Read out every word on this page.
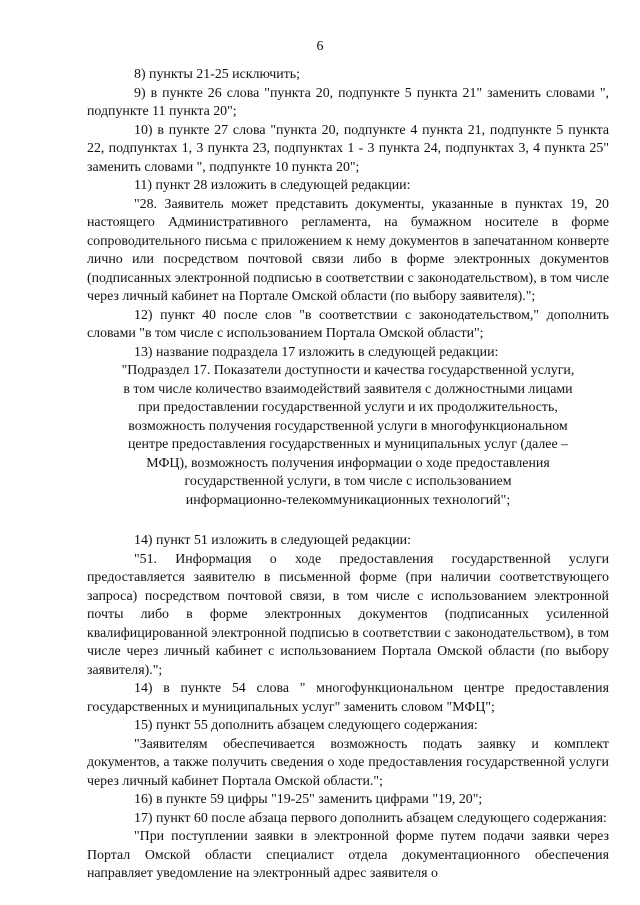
6

8) пункты 21-25 исключить;

9) в пункте 26 слова "пункта 20, подпункте 5 пункта 21" заменить словами ", подпункте 11 пункта 20";

10) в пункте 27 слова "пункта 20, подпункте 4 пункта 21, подпункте 5 пункта 22, подпунктах 1, 3 пункта 23, подпунктах 1 - 3 пункта 24, подпунктах 3, 4 пункта 25" заменить словами ", подпункте 10 пункта 20";

11) пункт 28 изложить в следующей редакции:

"28. Заявитель может представить документы, указанные в пунктах 19, 20 настоящего Административного регламента, на бумажном носителе в форме сопроводительного письма с приложением к нему документов в запечатанном конверте лично или посредством почтовой связи либо в форме электронных документов (подписанных электронной подписью в соответствии с законодательством), в том числе через личный кабинет на Портале Омской области (по выбору заявителя).";

12) пункт 40 после слов "в соответствии с законодательством," дополнить словами "в том числе с использованием Портала Омской области";

13) название подраздела 17 изложить в следующей редакции:

"Подраздел 17. Показатели доступности и качества государственной услуги,

в том числе количество взаимодействий заявителя с должностными лицами

при предоставлении государственной услуги и их продолжительность,

возможность получения государственной услуги в многофункциональном

центре предоставления государственных и муниципальных услуг (далее –

МФЦ), возможность получения информации о ходе предоставления

государственной услуги, в том числе с использованием

информационно-телекоммуникационных технологий";

14) пункт 51 изложить в следующей редакции:

"51. Информация о ходе предоставления государственной услуги предоставляется заявителю в письменной форме (при наличии соответствующего запроса) посредством почтовой связи, в том числе с использованием электронной почты либо в форме электронных документов (подписанных усиленной квалифицированной электронной подписью в соответствии с законодательством), в том числе через личный кабинет с использованием Портала Омской области (по выбору заявителя).";

14) в пункте 54 слова " многофункциональном центре предоставления государственных и муниципальных услуг" заменить словом "МФЦ";

15) пункт 55 дополнить абзацем следующего содержания:

"Заявителям обеспечивается возможность подать заявку и комплект документов, а также получить сведения о ходе предоставления государственной услуги через личный кабинет Портала Омской области.";

16) в пункте 59 цифры "19-25" заменить цифрами "19, 20";

17) пункт 60 после абзаца первого дополнить абзацем следующего содержания:

"При поступлении заявки в электронной форме путем подачи заявки через Портал Омской области специалист отдела документационного обеспечения направляет уведомление на электронный адрес заявителя о
